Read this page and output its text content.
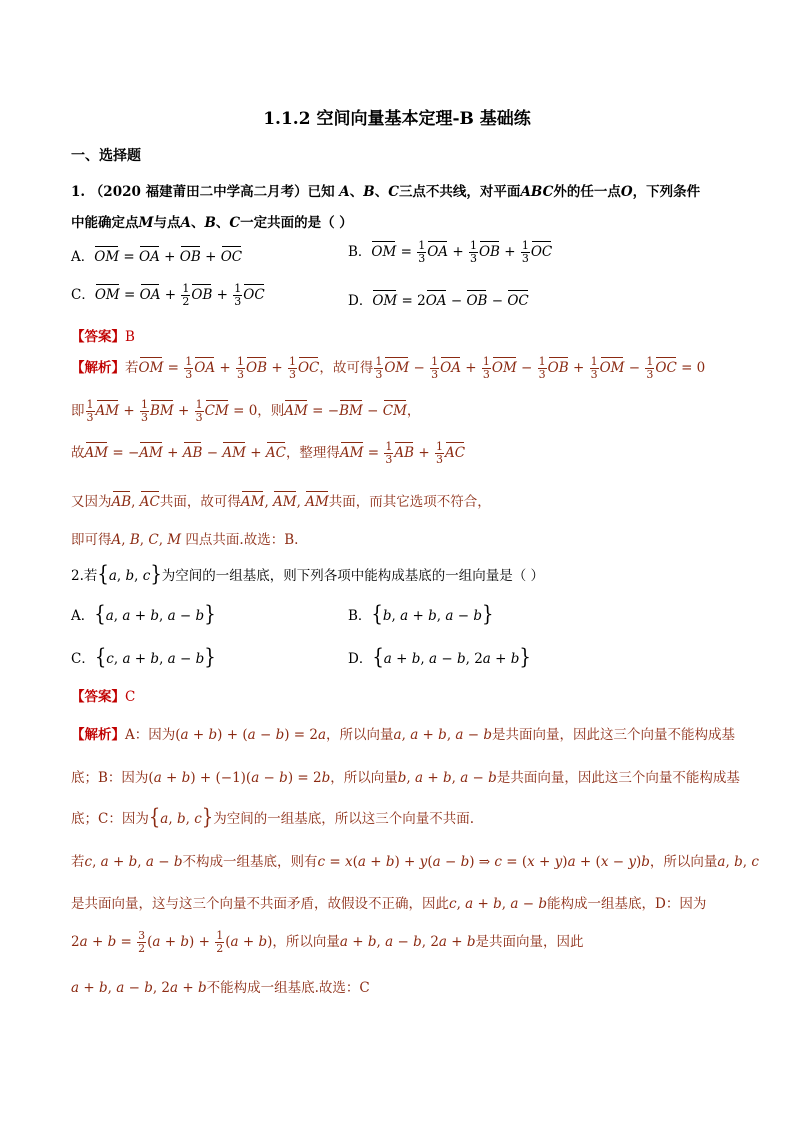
1.1.2 空间向量基本定理-B 基础练
一、选择题
1. （2020 福建莆田二中学高二月考）已知 A、B、C三点不共线，对平面ABC外的任一点O，下列条件
中能确定点M与点A、B、C一定共面的是（ ）
A．OM = OA + OB + OC	B．OM = $\frac{1}{3}$ OA + $\frac{1}{3}$ OB + $\frac{1}{3}$ OC
C．OM = OA + $\frac{1}{2}$ OB + $\frac{1}{3}$ OC	D．OM = 2OA − OB − OC
【答案】B
【解析】若OM = $\frac{1}{3}$ OA + $\frac{1}{3}$ OB + $\frac{1}{3}$ OC，故可得 $\frac{1}{3}$ OM − $\frac{1}{3}$ OA + $\frac{1}{3}$ OM − $\frac{1}{3}$ OB + $\frac{1}{3}$ OM − $\frac{1}{3}$ OC = 0
即 $\frac{1}{3}$ AM + $\frac{1}{3}$ BM + $\frac{1}{3}$ CM = 0，则AM = −BM − CM，
故AM = −AM + AB − AM + AC，整理得AM = $\frac{1}{3}$ AB + $\frac{1}{3}$ AC
又因为AB, AC共面，故可得AM, AM, AM共面，而其它选项不符合，
即可得A, B, C, M 四点共面.故选：B.
2.若{a, b, c}为空间的一组基底，则下列各项中能构成基底的一组向量是（ ）
A．{a, a + b, a − b}	B．{b, a + b, a − b}
C．{c, a + b, a − b}	D．{a + b, a − b, 2a + b}
【答案】C
【解析】A：因为(a + b) + (a − b) = 2a，所以向量a, a + b, a − b是共面向量，因此这三个向量不能构成基
底；B：因为(a + b) + (−1)(a − b) = 2b，所以向量b, a + b, a − b是共面向量，因此这三个向量不能构成基
底；C：因为{a, b, c}为空间的一组基底，所以这三个向量不共面.
若c, a + b, a − b不构成一组基底，则有c = x(a + b) + y(a − b) ⇒ c = (x + y)a + (x − y)b，所以向量a, b, c
是共面向量，这与这三个向量不共面矛盾，故假设不正确，因此c, a + b, a − b能构成一组基底，D：因为
$2a + b = \frac{3}{2} (a + b) + \frac{1}{2} (a + b)$，所以向量a + b, a − b, 2a + b是共面向量，因此
a + b, a − b, 2a + b不能构成一组基底.故选：C
